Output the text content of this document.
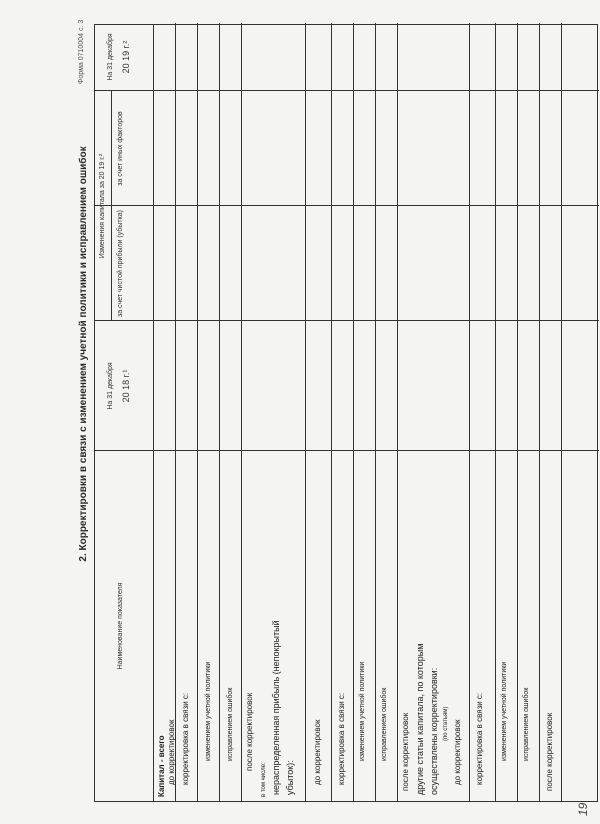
2. Корректировки в связи с изменением учетной политики и исправлением ошибок
Форма 0710004 с. 3
19
Наименование показателя
На 31 декабря 20 18 г.¹
Изменения капитала за 20 19 г.²
за счет чистой прибыли (убытка)
за счет иных факторов
На 31 декабря 20 19 г.²
Капитал - всего до корректировок корректировка в связи с: изменением учетной политики исправлением ошибок после корректировок
в том числе: нераспределенная прибыль (непокрытый убыток): до корректировок корректировка в связи с: изменением учетной политики исправлением ошибок после корректировок другие статьи капитала, по которым осуществлены корректировки: (по статьям) до корректировок корректировка в связи с: изменением учетной политики исправлением ошибок после корректировок
